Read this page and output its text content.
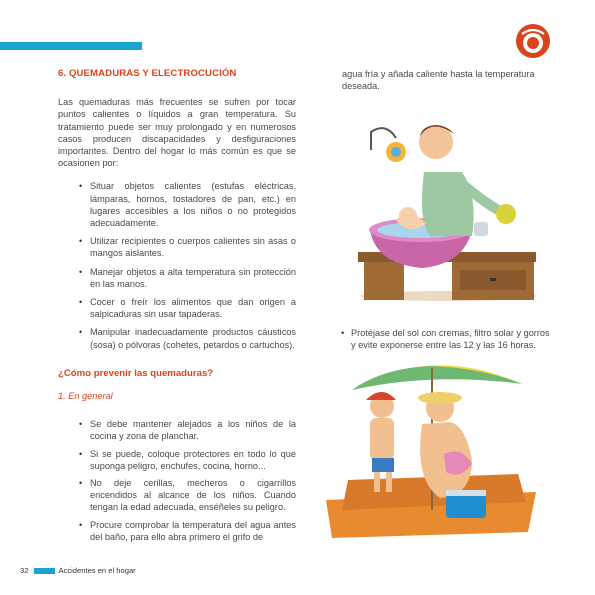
6. QUEMADURAS Y ELECTROCUCIÓN

Las quemaduras más frecuentes se sufren por tocar puntos calientes o líquidos a gran temperatura. Su tratamiento puede ser muy prolongado y en numerosos casos producen discapacidades y desfiguraciones importantes. Dentro del hogar lo más común es que se ocasionen por:

• Situar objetos calientes (estufas eléctricas, lámparas, hornos, tostadores de pan, etc.) en lugares accesibles a los niños o no protegidos adecuadamente.
• Utilizar recipientes o cuerpos calientes sin asas o mangos aislantes.
• Manejar objetos a alta temperatura sin protección en las manos.
• Cocer o freír los alimentos que dan origen a salpicaduras sin usar tapaderas.
• Manipular inadecuadamente productos cáusticos (sosa) o pólvoras (cohetes, petardos o cartuchos).
¿Cómo prevenir las quemaduras?
1. En general
• Se debe mantener alejados a los niños de la cocina y zona de planchar.
• Si se puede, coloque protectores en todo lo que suponga peligro, enchufes, cocina, horno...
• No deje cerillas, mecheros o cigarrillos encendidos al alcance de los niños. Cuando tengan la edad adecuada, enséñeles su peligro.
• Procure comprobar la temperatura del agua antes del baño, para ello abra primero el grifo de

agua fría y añada caliente hasta la temperatura deseada.

• Protéjase del sol con cremas, filtro solar y gorros y evite exponerse entre las 12 y las 16 horas.
32	Accidentes en el hogar
